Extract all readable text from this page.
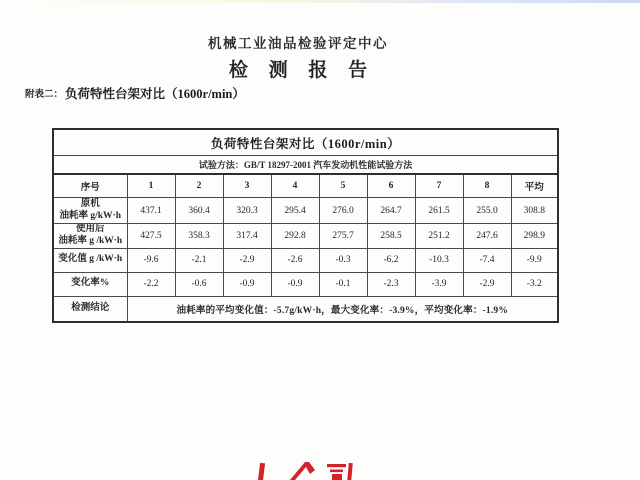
机械工业油品检验评定中心
检 测 报 告
附表二： 负荷特性台架对比（1600r/min）
负荷特性台架对比（1600r/min）									
试验方法：GB/T 18297-2001 汽车发动机性能试验方法									
序号	1	2	3	4	5	6	7	8	平均

原机
油耗率 g/kW·h	437.1	360.4	320.3	295.4	276.0	264.7	261.5	255.0	308.8

使用后
油耗率 g /kW·h	427.5	358.3	317.4	292.8	275.7	258.5	251.2	247.6	298.9
变化值 g /kW·h	-9.6	-2.1	-2.9	-2.6	-0.3	-6.2	-10.3	-7.4	-9.9
变化率%	-2.2	-0.6	-0.9	-0.9	-0.1	-2.3	-3.9	-2.9	-3.2
检测结论	油耗率的平均变化值：-5.7g/kW·h，最大变化率：-3.9%，平均变化率：-1.9%								
